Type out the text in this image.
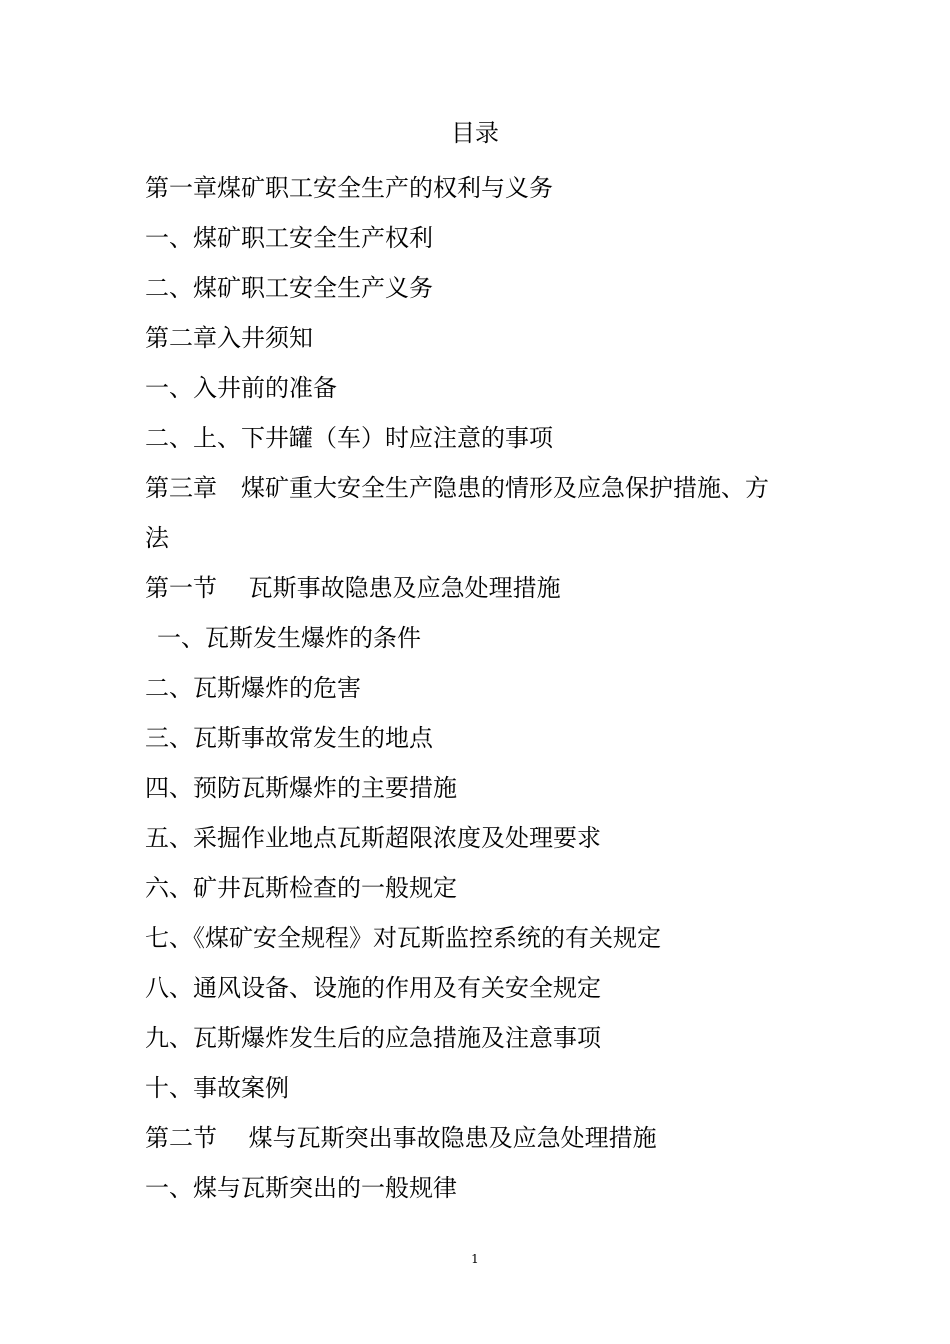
目录
第一章煤矿职工安全生产的权利与义务
一、煤矿职工安全生产权利
二、煤矿职工安全生产义务
第二章入井须知
一、入井前的准备
二、上、下井罐（车）时应注意的事项
第三章　煤矿重大安全生产隐患的情形及应急保护措施、方
法
第一节　 瓦斯事故隐患及应急处理措施
一、瓦斯发生爆炸的条件
二、瓦斯爆炸的危害
三、瓦斯事故常发生的地点
四、预防瓦斯爆炸的主要措施
五、采掘作业地点瓦斯超限浓度及处理要求
六、矿井瓦斯检查的一般规定
七、《煤矿安全规程》对瓦斯监控系统的有关规定
八、通风设备、设施的作用及有关安全规定
九、瓦斯爆炸发生后的应急措施及注意事项
十、事故案例
第二节　 煤与瓦斯突出事故隐患及应急处理措施
一、煤与瓦斯突出的一般规律
1
